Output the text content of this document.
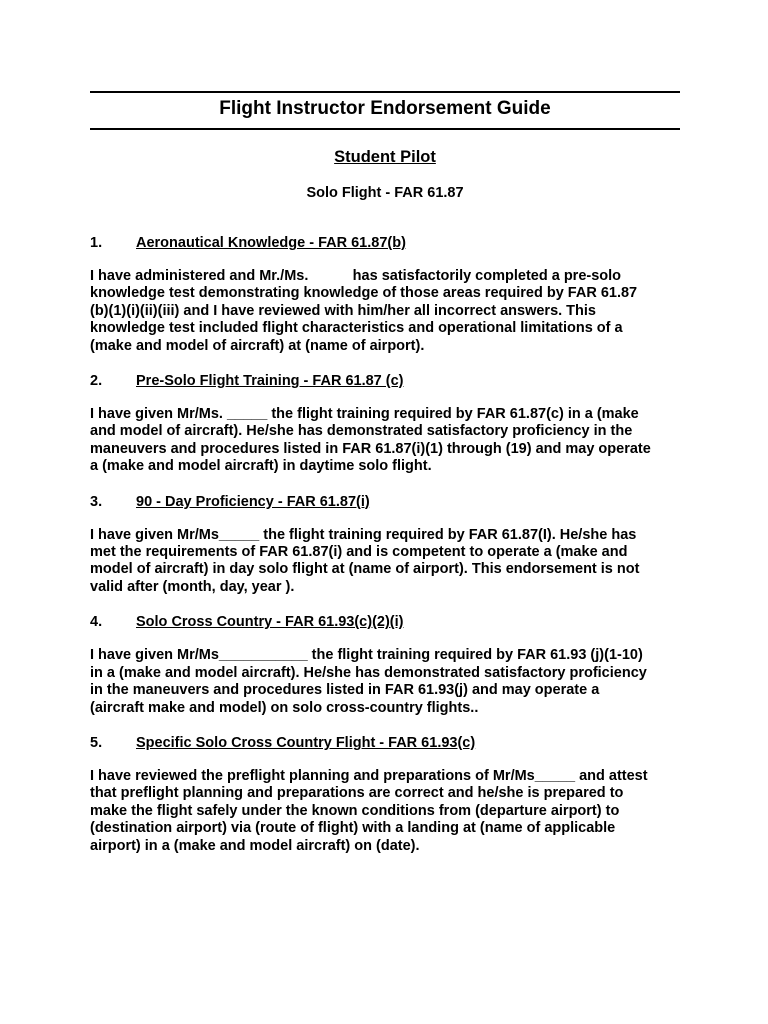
Flight Instructor Endorsement Guide
Student Pilot
Solo Flight - FAR 61.87
1.	Aeronautical Knowledge - FAR 61.87(b)

I have administered and Mr./Ms.           has satisfactorily completed a pre-solo
knowledge test demonstrating knowledge of those areas required by FAR 61.87
(b)(1)(i)(ii)(iii) and I have reviewed with him/her all incorrect answers. This
knowledge test included flight characteristics and operational limitations of a
(make and model of aircraft) at (name of airport).

2.	Pre-Solo Flight Training - FAR 61.87 (c)

I have given Mr/Ms. _____ the flight training required by FAR 61.87(c) in a (make
and model of aircraft). He/she has demonstrated satisfactory proficiency in the
maneuvers and procedures listed in FAR 61.87(i)(1) through (19) and may operate
a (make and model aircraft) in daytime solo flight.

3.	90 - Day Proficiency - FAR 61.87(i)

I have given Mr/Ms_____ the flight training required by FAR 61.87(I). He/she has
met the requirements of FAR 61.87(i) and is competent to operate a (make and
model of aircraft) in day solo flight at (name of airport). This endorsement is not
valid after (month, day, year ).

4.	Solo Cross Country - FAR 61.93(c)(2)(i)

I have given Mr/Ms___________ the flight training required by FAR 61.93 (j)(1-10)
in a (make and model aircraft). He/she has demonstrated satisfactory proficiency
in the maneuvers and procedures listed in FAR 61.93(j) and may operate a
(aircraft make and model) on solo cross-country flights..

5.	Specific Solo Cross Country Flight - FAR 61.93(c)

I have reviewed the preflight planning and preparations of Mr/Ms_____ and attest
that preflight planning and preparations are correct and he/she is prepared to
make the flight safely under the known conditions from (departure airport) to
(destination airport) via (route of flight) with a landing at (name of applicable
airport) in a (make and model aircraft) on (date).
